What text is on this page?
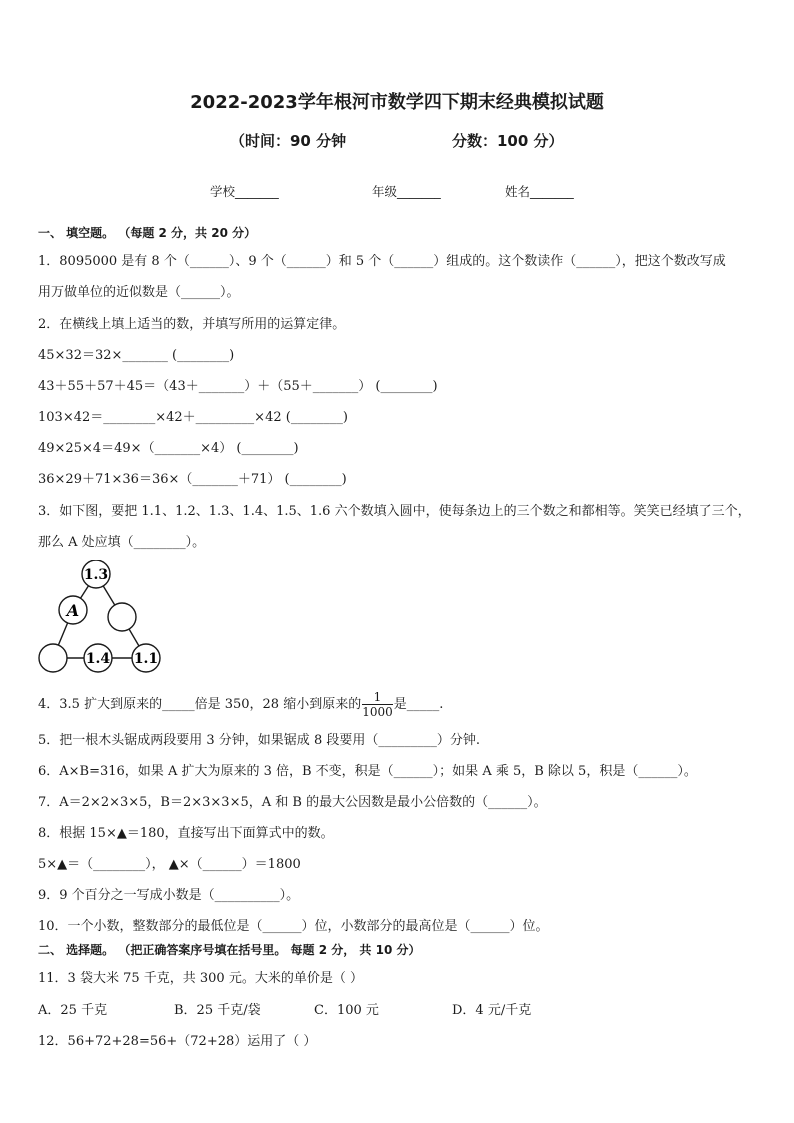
2022-2023学年根河市数学四下期末经典模拟试题
（时间：90 分钟	分数：100 分）
学校_______	年级_______	姓名_______
一、 填空题。 （每题 2 分，共 20 分）
1．8095000 是有 8 个（______）、9 个（______）和 5 个（______）组成的。这个数读作（______），把这个数改写成
用万做单位的近似数是（______）。
2．在横线上填上适当的数，并填写所用的运算定律。
45×32＝32×_______ (________)
43＋55＋57＋45＝（43＋_______）＋（55＋_______） (________)
103×42＝________×42＋_________×42 (________)
49×25×4＝49×（_______×4） (________)
36×29＋71×36＝36×（_______＋71） (________)
3．如下图，要把 1.1、1.2、1.3、1.4、1.5、1.6 六个数填入圆中，使每条边上的三个数之和都相等。笑笑已经填了三个，
那么 A 处应填（________）。
1.3
A
1.4 1.1
4．3.5 扩大到原来的_____倍是 350，28 缩小到原来的 $\frac{1}{1000}$ 是_____.
5．把一根木头锯成两段要用 3 分钟，如果锯成 8 段要用（_________）分钟.
6．A×B=316，如果 A 扩大为原来的 3 倍，B 不变，积是（______）；如果 A 乘 5，B 除以 5，积是（______）。
7．A＝2×2×3×5，B＝2×3×3×5，A 和 B 的最大公因数是最小公倍数的（______）。
8．根据 15×▲＝180，直接写出下面算式中的数。
5×▲＝（________）， ▲×（______）＝1800
9．9 个百分之一写成小数是（__________）。
10．一个小数，整数部分的最低位是（______）位，小数部分的最高位是（______）位。
二、 选择题。 （把正确答案序号填在括号里。 每题 2 分， 共 10 分）
11．3 袋大米 75 千克，共 300 元。大米的单价是（ ）
A．25 千克	B．25 千克/袋	C．100 元	D．4 元/千克
12．56+72+28=56+（72+28）运用了（ ）
